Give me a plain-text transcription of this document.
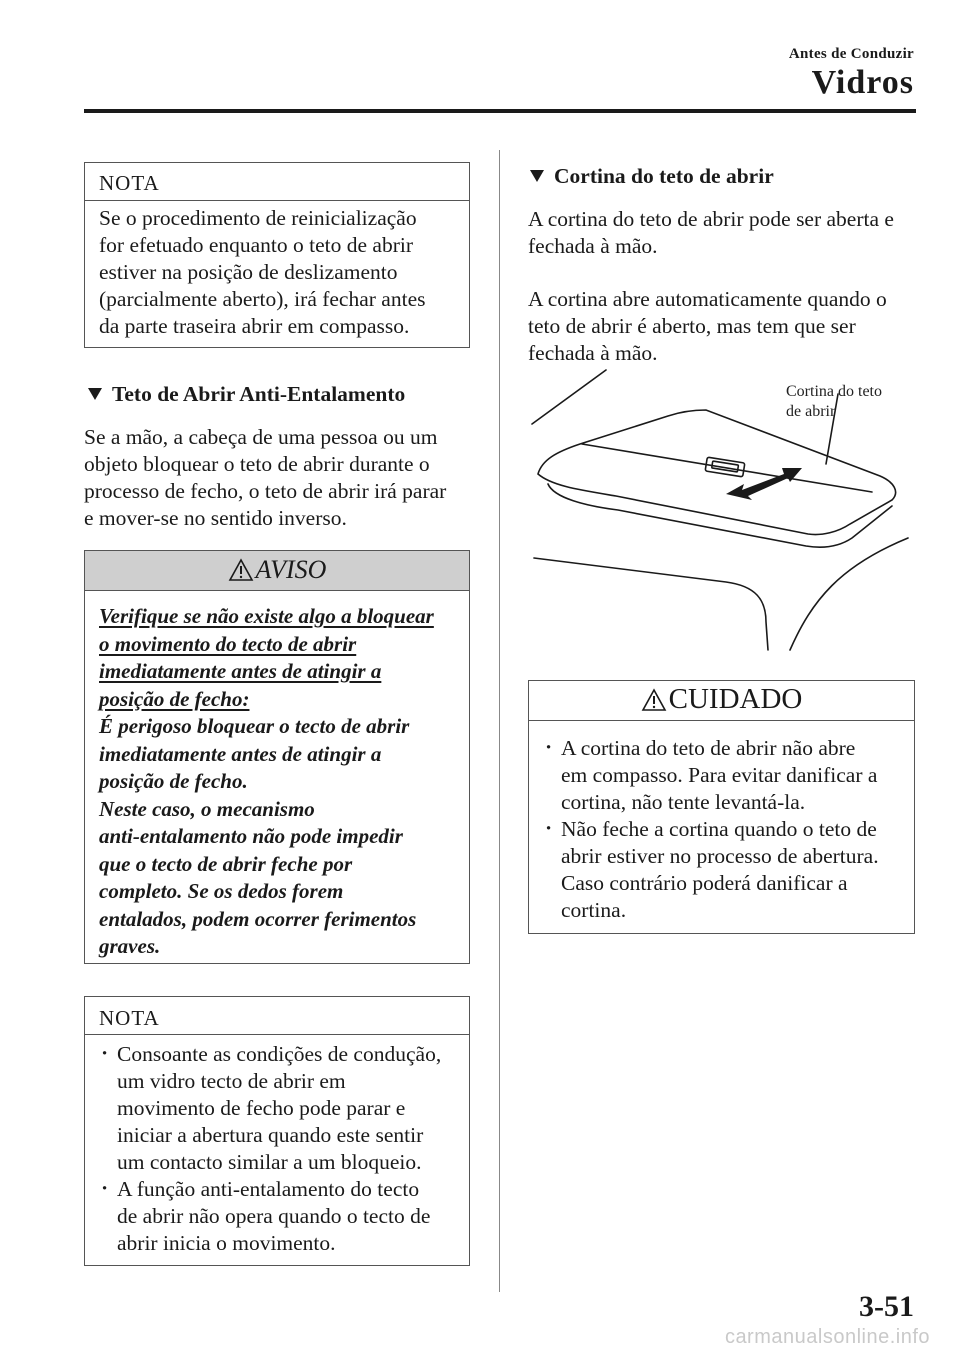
Antes de Conduzir
Vidros
NOTA
Se o procedimento de reinicialização
for efetuado enquanto o teto de abrir
estiver na posição de deslizamento
(parcialmente aberto), irá fechar antes
da parte traseira abrir em compasso.
Teto de Abrir Anti-Entalamento
Se a mão, a cabeça de uma pessoa ou um
objeto bloquear o teto de abrir durante o
processo de fecho, o teto de abrir irá parar
e mover-se no sentido inverso.
AVISO
Verifique se não existe algo a bloquear
o movimento do tecto de abrir
imediatamente antes de atingir a
posição de fecho:
É perigoso bloquear o tecto de abrir
imediatamente antes de atingir a
posição de fecho.
Neste caso, o mecanismo
anti-entalamento não pode impedir
que o tecto de abrir feche por
completo. Se os dedos forem
entalados, podem ocorrer ferimentos
graves.
NOTA
· Consoante as condições de condução,
um vidro tecto de abrir em
movimento de fecho pode parar e
iniciar a abertura quando este sentir
um contacto similar a um bloqueio.
· A função anti-entalamento do tecto
de abrir não opera quando o tecto de
abrir inicia o movimento.
Cortina do teto de abrir
A cortina do teto de abrir pode ser aberta e
fechada à mão.
A cortina abre automaticamente quando o
teto de abrir é aberto, mas tem que ser
fechada à mão.
Cortina do teto
de abrir
CUIDADO
· A cortina do teto de abrir não abre
em compasso. Para evitar danificar a
cortina, não tente levantá-la.
· Não feche a cortina quando o teto de
abrir estiver no processo de abertura.
Caso contrário poderá danificar a
cortina.
3-51
carmanualsonline.info
